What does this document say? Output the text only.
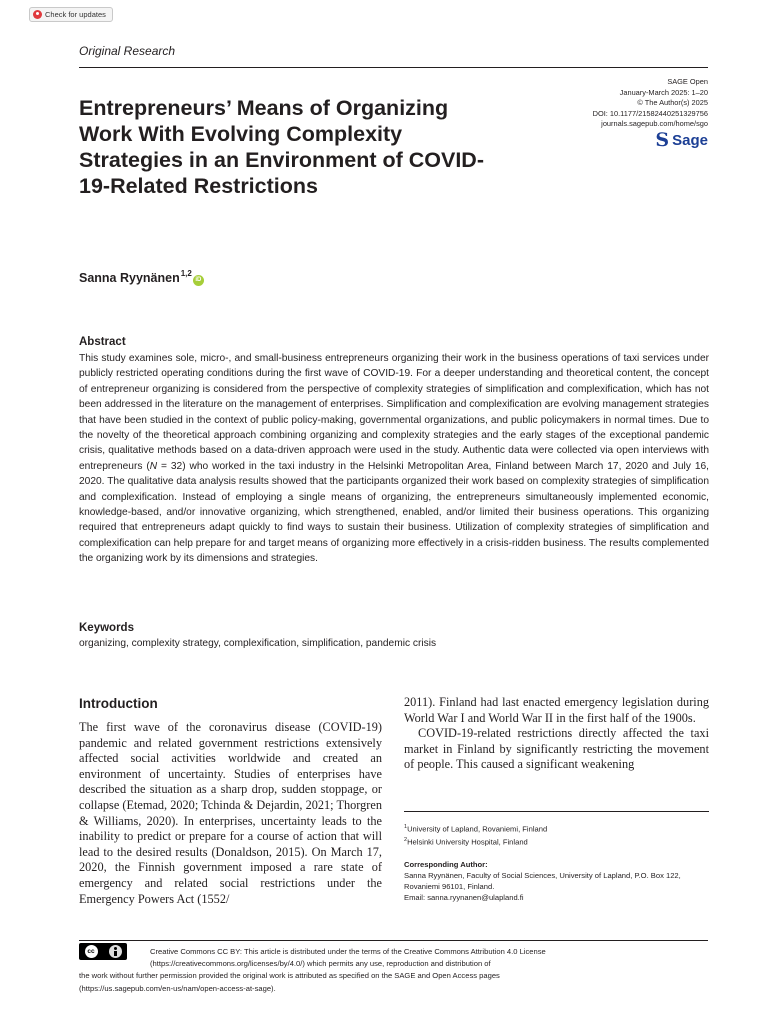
Check for updates
Original Research
SAGE Open
January-March 2025: 1–20
© The Author(s) 2025
DOI: 10.1177/21582440251329756
journals.sagepub.com/home/sgo
S Sage
Entrepreneurs’ Means of Organizing Work With Evolving Complexity Strategies in an Environment of COVID-19-Related Restrictions
Sanna Ryynänen$^{1,2}$
iD
Abstract
This study examines sole, micro-, and small-business entrepreneurs organizing their work in the business operations of taxi services under publicly restricted operating conditions during the first wave of COVID-19. For a deeper understanding and theoretical content, the concept of entrepreneur organizing is considered from the perspective of complexity strategies of simplification and complexification, which has not been addressed in the literature on the management of enterprises. Simplification and complexification are evolving management strategies that have been studied in the context of public policy-making, governmental organizations, and public policymakers in normal times. Due to the novelty of the theoretical approach combining organizing and complexity strategies and the early stages of the exceptional pandemic crisis, qualitative methods based on a data-driven approach were used in the study. Authentic data were collected via open interviews with entrepreneurs (N = 32) who worked in the taxi industry in the Helsinki Metropolitan Area, Finland between March 17, 2020 and July 16, 2020. The qualitative data analysis results showed that the participants organized their work based on complexity strategies of simplification and complexification. Instead of employing a single means of organizing, the entrepreneurs simultaneously implemented economic, knowledge-based, and/or innovative organizing, which strengthened, enabled, and/or limited their business operations. This organizing required that entrepreneurs adapt quickly to find ways to sustain their business. Utilization of complexity strategies of simplification and complexification can help prepare for and target means of organizing more effectively in a crisis-ridden business. The results complemented the organizing work by its dimensions and strategies.
Keywords
organizing, complexity strategy, complexification, simplification, pandemic crisis
Introduction

The first wave of the coronavirus disease (COVID-19) pandemic and related government restrictions extensively affected social activities worldwide and created an environment of uncertainty. Studies of enterprises have described the situation as a sharp drop, sudden stoppage, or collapse (Etemad, 2020; Tchinda & Dejardin, 2021; Thorgren & Williams, 2020). In enterprises, uncertainty leads to the inability to predict or prepare for a course of action that will lead to the desired results (Donaldson, 2015). On March 17, 2020, the Finnish government imposed a rare state of emergency and related social restrictions under the Emergency Powers Act (1552/

2011). Finland had last enacted emergency legislation during World War I and World War II in the first half of the 1900s.

COVID-19-related restrictions directly affected the taxi market in Finland by significantly restricting the movement of people. This caused a significant weakening

$^1$University of Lapland, Rovaniemi, Finland
$^2$Helsinki University Hospital, Finland
Corresponding Author:
Sanna Ryynänen, Faculty of Social Sciences, University of Lapland, P.O. Box 122, Rovaniemi 96101, Finland.
Email: sanna.ryynanen@ulapland.fi
cc	Creative Commons CC BY: This article is distributed under the terms of the Creative Commons Attribution 4.0 License
(https://creativecommons.org/licenses/by/4.0/) which permits any use, reproduction and distribution of
the work without further permission provided the original work is attributed as specified on the SAGE and Open Access pages
(https://us.sagepub.com/en-us/nam/open-access-at-sage).
